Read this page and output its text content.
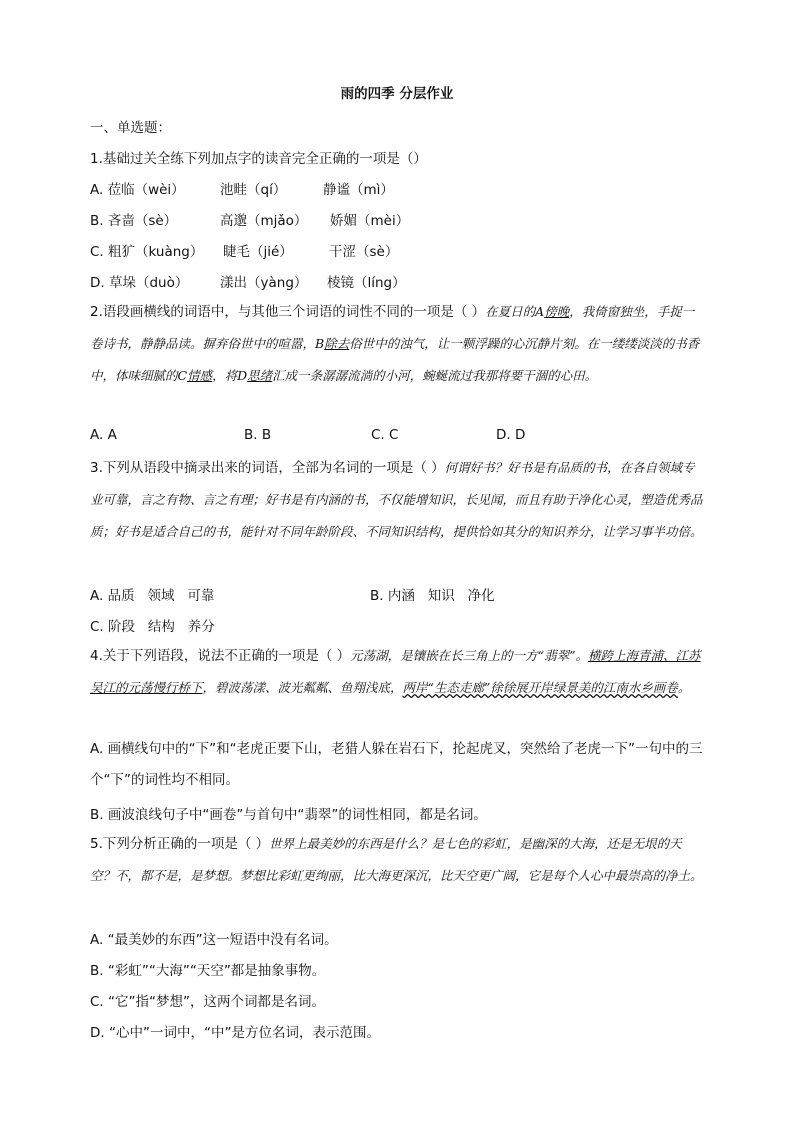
雨的四季 分层作业
一、单选题：
1.基础过关全练下列加点字的读音完全正确的一项是（）
A. 莅临（wèi）	池畦（qí）	静谧（mì）
B. 吝啬（sè）	高邈（mjǎo） 娇媚（mèi）
C. 粗犷（kuàng） 睫毛（jié）	干涩（sè）
D. 草垛（duò） 漾出（yàng） 棱镜（líng）
2.语段画横线的词语中，与其他三个词语的词性不同的一项是（ ）在夏日的A傍晚，我倚窗独坐，手捉一卷诗书，静静品读。摒弃俗世中的喧嚣，B除去俗世中的浊气，让一颗浮躁的心沉静片刻。在一缕缕淡淡的书香中，体味细腻的C情感，将D思绪汇成一条潺潺流淌的小河，蜿蜒流过我那将要干涸的心田。
A. A	B. B	C. C	D. D
3.下列从语段中摘录出来的词语，全部为名词的一项是（ ）何谓好书？好书是有品质的书，在各自领域专业可靠，言之有物、言之有理；好书是有内涵的书，不仅能增知识，长见闻，而且有助于净化心灵，塑造优秀品质；好书是适合自己的书，能针对不同年龄阶段、不同知识结构，提供恰如其分的知识养分，让学习事半功倍。
A. 品质   领域   可靠	B. 内涵   知识   净化
C. 阶段   结构   养分
4.关于下列语段，说法不正确的一项是（ ）元荡湖，是镶嵌在长三角上的一方“翡翠”。横跨上海青浦、江苏吴江的元荡慢行桥下，碧波荡漾、波光粼粼、鱼翔浅底，两岸“生态走廊”徐徐展开岸绿景美的江南水乡画卷。
A. 画横线句中的“下”和“老虎正要下山，老猎人躲在岩石下，抡起虎叉，突然给了老虎一下”一句中的三个“下”的词性均不相同。
B. 画波浪线句子中“画卷”与首句中“翡翠”的词性相同，都是名词。
5.下列分析正确的一项是（ ）世界上最美妙的东西是什么？是七色的彩虹，是幽深的大海，还是无垠的天空？不，都不是，是梦想。梦想比彩虹更绚丽，比大海更深沉，比天空更广阔，它是每个人心中最崇高的净土。
A. “最美妙的东西”这一短语中没有名词。
B. “彩虹”“大海”“天空”都是抽象事物。
C. “它”指“梦想”，这两个词都是名词。
D. “心中”一词中，“中”是方位名词，表示范围。
